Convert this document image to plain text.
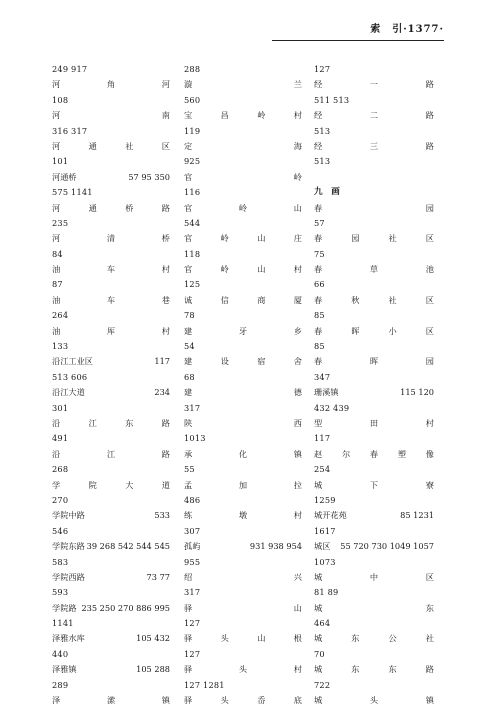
索　引·1377·
249 917
河	角	河
108
河	南
316 317
河	通	社	区
101
河通桥	57 95 350
575 1141
河	通	桥	路
235
河	清	桥
84
油	车	村
87
油	车	巷
264
油	厍	村
133
沿江工业区	117
513 606
沿江大道	234
301
沿	江	东	路
491
沿	江	路
268
学	院	大	道
270
学院中路	533
546
学院东路 39 268 542 544 545
583
学院西路	73 77
593
学院路 235 250 270 886 995
1141
泽雅水库	105 432
440
泽雅镇	105 288
289
泽	潆	镇
288
漩	兰
560
宝	昌	岭	村
119
定	海
925
官	岭
116
官	岭	山
544
官	岭	山	庄
118
官	岭	山	村
125
诚	信	商	厦
78
建	牙	乡
54
建	设	宿	舍
68
建	德
317
陕	西
1013
承	化	镇
55
孟	加	拉
486
练	墩	村
307
孤屿	931 938 954
955
绍	兴
317
驿	山
127
驿	头	山	根
127
驿	头	村
127 1281
驿	头	岙	底
127
经	一	路
511 513
经	二	路
513
经	三	路
513
九　画
春	园
57
春	园	社	区
75
春	草	池
66
春	秋	社	区
85
春	晖	小	区
85
春	晖	园
347
珊溪镇	115 120
432 439
型	田	村
117
赵 尔 春 塑 像
254
城	下	寮
1259
城开花苑	85 1231
1617
城区 55 720 730 1049 1057
1073
城	中	区
81 89
城	东
464
城	东	公	社
70
城	东	东	路
722
城	头	镇
